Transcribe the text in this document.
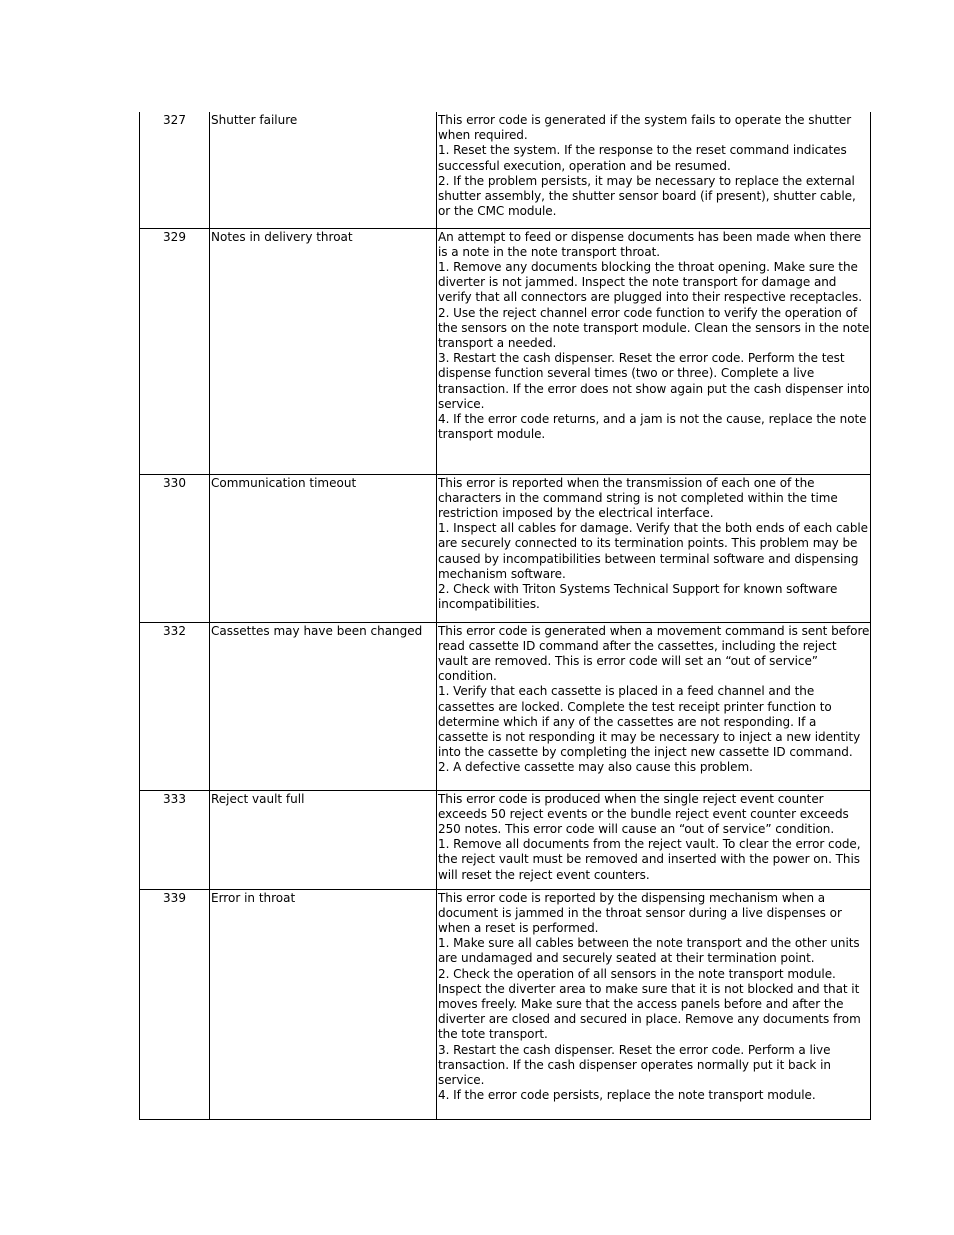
327	Shutter failure	This error code is generated if the system fails to operate the shutter when required.

1. Reset the system. If the response to the reset command indicates successful execution, operation and be resumed.

2. If the problem persists, it may be necessary to replace the external shutter assembly, the shutter sensor board (if present), shutter cable, or the CMC module.

329	Notes in delivery throat	An attempt to feed or dispense documents has been made when there is a note in the note transport throat.

1. Remove any documents blocking the throat opening. Make sure the diverter is not jammed. Inspect the note transport for damage and verify that all connectors are plugged into their respective receptacles. 2. Use the reject channel error code function to verify the operation of the sensors on the note transport module. Clean the sensors in the note transport a needed.

3. Restart the cash dispenser. Reset the error code. Perform the test dispense function several times (two or three). Complete a live transaction. If the error does not show again put the cash dispenser into service.

4. If the error code returns, and a jam is not the cause, replace the note transport module.

330	Communication timeout	This error is reported when the transmission of each one of the characters in the command string is not completed within the time restriction imposed by the electrical interface.

1. Inspect all cables for damage. Verify that the both ends of each cable are securely connected to its termination points. This problem may be caused by incompatibilities between terminal software and dispensing mechanism software.

2. Check with Triton Systems Technical Support for known software incompatibilities.

332	Cassettes may have been changed	This error code is generated when a movement command is sent before read cassette ID command after the cassettes, including the reject vault are removed. This is error code will set an “out of service” condition.

1. Verify that each cassette is placed in a feed channel and the cassettes are locked. Complete the test receipt printer function to determine which if any of the cassettes are not responding. If a cassette is not responding it may be necessary to inject a new identity into the cassette by completing the inject new cassette ID command.

2. A defective cassette may also cause this problem.

333	Reject vault full	This error code is produced when the single reject event counter exceeds 50 reject events or the bundle reject event counter exceeds 250 notes. This error code will cause an “out of service” condition.

1. Remove all documents from the reject vault. To clear the error code, the reject vault must be removed and inserted with the power on. This will reset the reject event counters.

339	Error in throat	This error code is reported by the dispensing mechanism when a document is jammed in the throat sensor during a live dispenses or when a reset is performed.

1. Make sure all cables between the note transport and the other units are undamaged and securely seated at their termination point.

2. Check the operation of all sensors in the note transport module. Inspect the diverter area to make sure that it is not blocked and that it moves freely. Make sure that the access panels before and after the diverter are closed and secured in place. Remove any documents from the tote transport.

3. Restart the cash dispenser. Reset the error code. Perform a live transaction. If the cash dispenser operates normally put it back in service.

4. If the error code persists, replace the note transport module.
